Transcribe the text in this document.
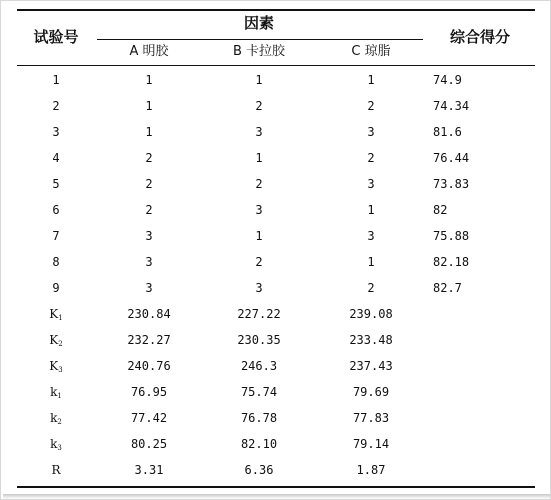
试验号
因素
A 明胶	B 卡拉胶	C 琼脂
综合得分
1	1	1	1	74.9
2	1	2	2	74.34
3	1	3	3	81.6
4	2	1	2	76.44
5	2	2	3	73.83
6	2	3	1	82
7	3	1	3	75.88
8	3	2	1	82.18
9	3	3	2	82.7
$K_1$	230.84	227.22	239.08
$K_2$	232.27	230.35	233.48
$K_3$	240.76	246.3	237.43
$k_1$	76.95	75.74	79.69
$k_2$	77.42	76.78	77.83
$k_3$	80.25	82.10	79.14
R	3.31	6.36	1.87
